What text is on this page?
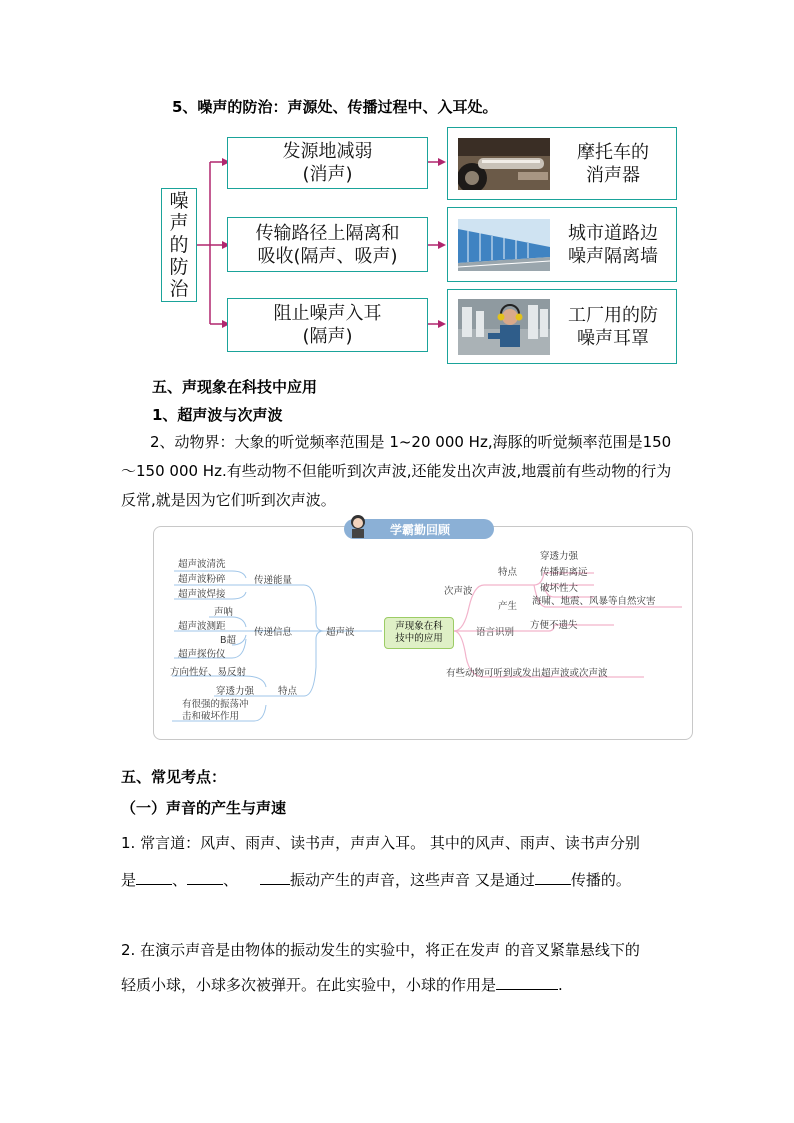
5、噪声的防治：声源处、传播过程中、入耳处。
噪声的防治
发源地减弱
(消声)
传输路径上隔离和
吸收(隔声、吸声)
阻止噪声入耳
(隔声)
摩托车的
消声器
城市道路边
噪声隔离墙
工厂用的防
噪声耳罩
五、声现象在科技中应用
1、超声波与次声波
2、动物界：大象的听觉频率范围是 1~20 000 Hz,海豚的听觉频率范围是150～150 000 Hz.有些动物不但能听到次声波,还能发出次声波,地震前有些动物的行为反常,就是因为它们听到次声波。
学霸勤回顾
声现象在科
技中的应用
超声波
传递能量
超声波清洗
超声波粉碎
超声波焊接
传递信息
声呐
超声波测距
B超
超声探伤仪
特点
方向性好、易反射
穿透力强
有很强的振荡冲
击和破坏作用
次声波
特点
穿透力强
传播距离远
破坏性大
产生 海啸、地震、风暴等自然灾害
语言识别
方便不遗失
有些动物可听到或发出超声波或次声波
五、常见考点：
（一）声音的产生与声速
1. 常言道：风声、雨声、读书声，声声入耳。 其中的风声、雨声、读书声分别
是 、 、	振动产生的声音，这些声音 又是通过 传播的。
2. 在演示声音是由物体的振动发生的实验中，将正在发声 的音叉紧靠悬线下的
轻质小球，小球多次被弹开。在此实验中，小球的作用是	.
